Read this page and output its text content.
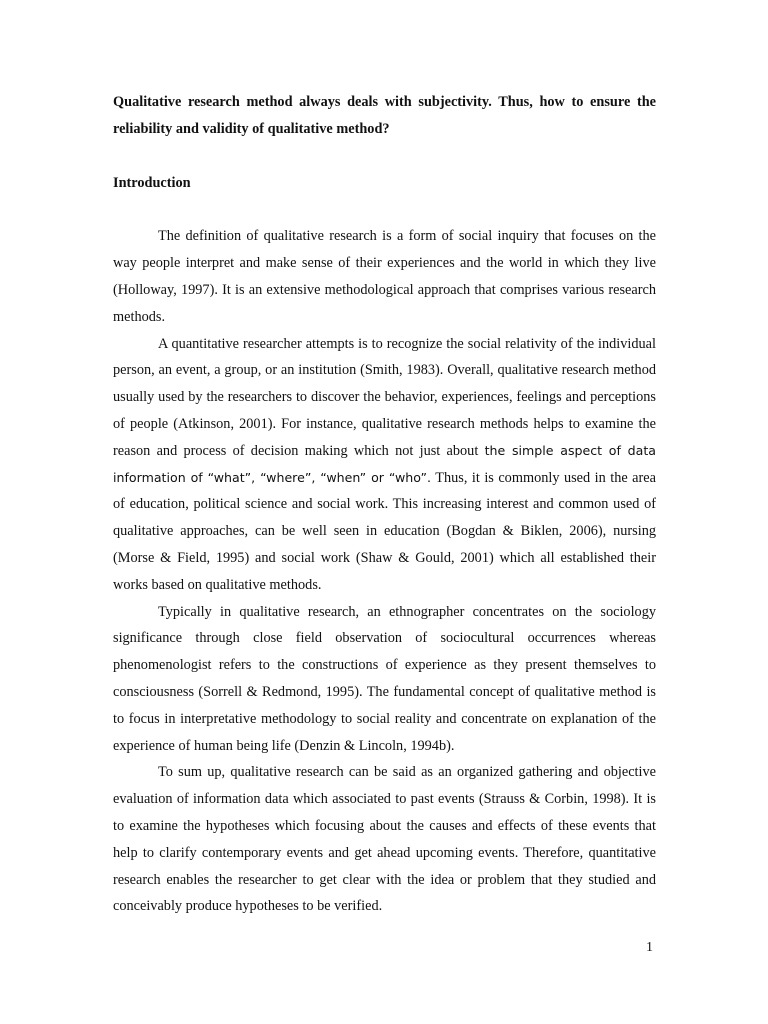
Qualitative research method always deals with subjectivity. Thus, how to ensure the reliability and validity of qualitative method?

Introduction

The definition of qualitative research is a form of social inquiry that focuses on the way people interpret and make sense of their experiences and the world in which they live (Holloway, 1997). It is an extensive methodological approach that comprises various research methods.

A quantitative researcher attempts is to recognize the social relativity of the individual person, an event, a group, or an institution (Smith, 1983). Overall, qualitative research method usually used by the researchers to discover the behavior, experiences, feelings and perceptions of people (Atkinson, 2001). For instance, qualitative research methods helps to examine the reason and process of decision making which not just about the simple aspect of data information of “what”, “where”, “when” or “who”. Thus, it is commonly used in the area of education, political science and social work. This increasing interest and common used of qualitative approaches, can be well seen in education (Bogdan & Biklen, 2006), nursing (Morse & Field, 1995) and social work (Shaw & Gould, 2001) which all established their works based on qualitative methods.

Typically in qualitative research, an ethnographer concentrates on the sociology significance through close field observation of sociocultural occurrences whereas phenomenologist refers to the constructions of experience as they present themselves to consciousness (Sorrell & Redmond, 1995). The fundamental concept of qualitative method is to focus in interpretative methodology to social reality and concentrate on explanation of the experience of human being life (Denzin & Lincoln, 1994b).

To sum up, qualitative research can be said as an organized gathering and objective evaluation of information data which associated to past events (Strauss & Corbin, 1998). It is to examine the hypotheses which focusing about the causes and effects of these events that help to clarify contemporary events and get ahead upcoming events. Therefore, quantitative research enables the researcher to get clear with the idea or problem that they studied and conceivably produce hypotheses to be verified.

1
